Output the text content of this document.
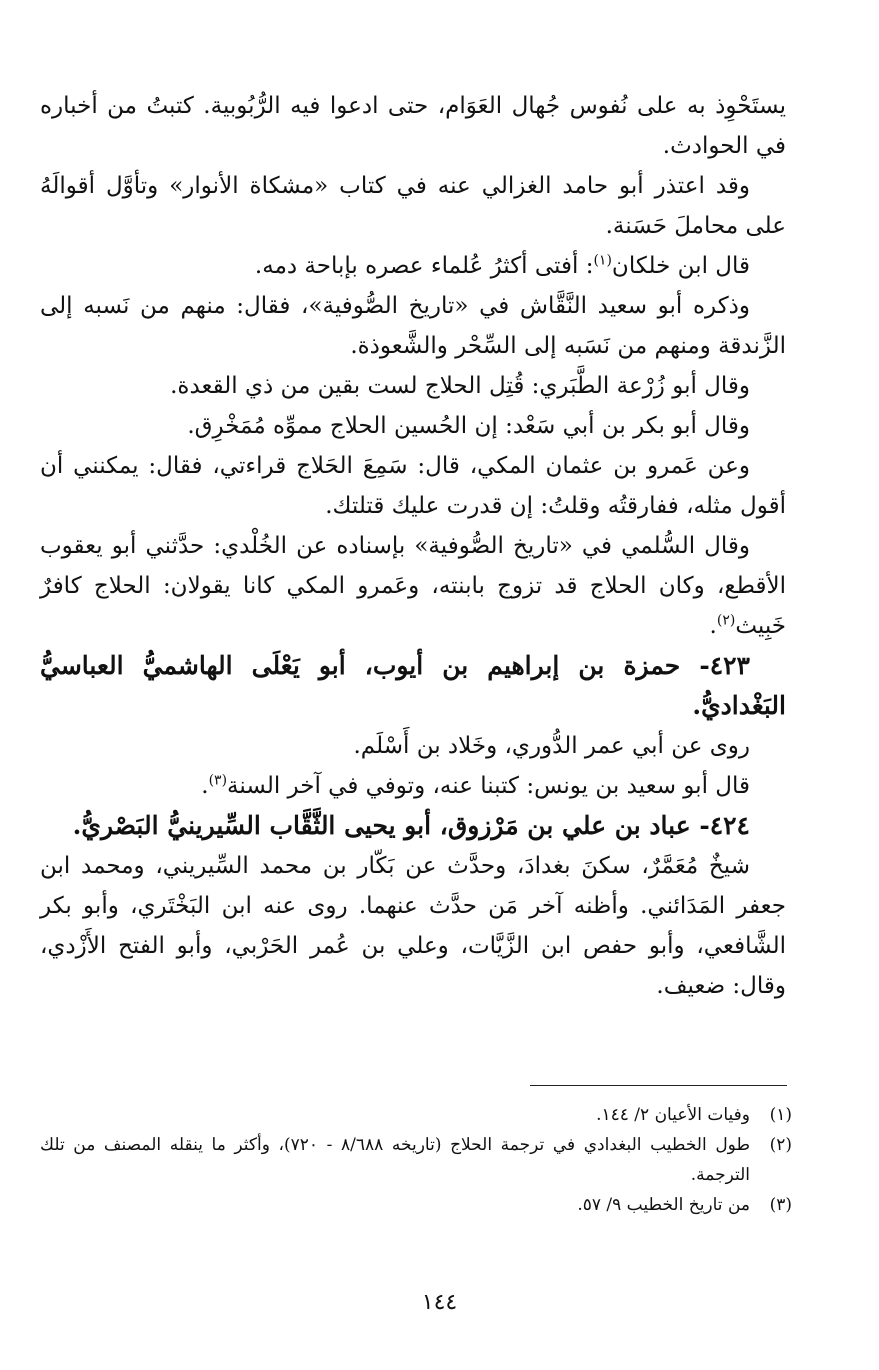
يستَحْوِذ به على نُفوس جُهال العَوَام، حتى ادعوا فيه الرُّبُوبية. كتبتُ من أخباره في الحوادث.

وقد اعتذر أبو حامد الغزالي عنه في كتاب «مشكاة الأنوار» وتأوَّل أقوالَهُ على محاملَ حَسَنة.

قال ابن خلكان$^{(١)}$: أفتى أكثرُ عُلماء عصره بإباحة دمه.

وذكره أبو سعيد النَّقَّاش في «تاريخ الصُّوفية»، فقال: منهم من نَسبه إلى الزَّندقة ومنهم من نَسَبه إلى السِّحْر والشَّعوذة.

وقال أبو زُرْعة الطَّبَري: قُتِل الحلاج لست بقين من ذي القعدة.

وقال أبو بكر بن أبي سَعْد: إن الحُسين الحلاج مموِّه مُمَخْرِق.

وعن عَمرو بن عثمان المكي، قال: سَمِعَ الحَلاج قراءتي، فقال: يمكنني أن أقول مثله، ففارقتُه وقلتُ: إن قدرت عليك قتلتك.

وقال السُّلمي في «تاريخ الصُّوفية» بإسناده عن الخُلْدي: حدَّثني أبو يعقوب الأقطع، وكان الحلاج قد تزوج بابنته، وعَمرو المكي كانا يقولان: الحلاج كافرٌ خَبِيث$^{(٢)}$.

٤٢٣- حمزة بن إبراهيم بن أيوب، أبو يَعْلَى الهاشميُّ العباسيُّ البَغْداديُّ.

روى عن أبي عمر الدُّوري، وخَلاد بن أَسْلَم.

قال أبو سعيد بن يونس: كتبنا عنه، وتوفي في آخر السنة$^{(٣)}$.

٤٢٤- عباد بن علي بن مَرْزوق، أبو يحيى الثَّقَّاب السِّيرينيُّ البَصْريُّ.

شيخٌ مُعَمَّرٌ، سكنَ بغدادَ، وحدَّث عن بَكّار بن محمد السِّيريني، ومحمد ابن جعفر المَدَائني. وأظنه آخر مَن حدَّث عنهما. روى عنه ابن البَخْتَري، وأبو بكر الشَّافعي، وأبو حفص ابن الزَّيَّات، وعلي بن عُمر الحَرْبي، وأبو الفتح الأَزْدي، وقال: ضعيف.

(١)
وفيات الأعيان ٢/ ١٤٤.
(٢)
طول الخطيب البغدادي في ترجمة الحلاج (تاريخه ٨/٦٨٨ - ٧٢٠)، وأكثر ما ينقله المصنف من تلك الترجمة.
(٣)
من تاريخ الخطيب ٩/ ٥٧.
١٤٤
